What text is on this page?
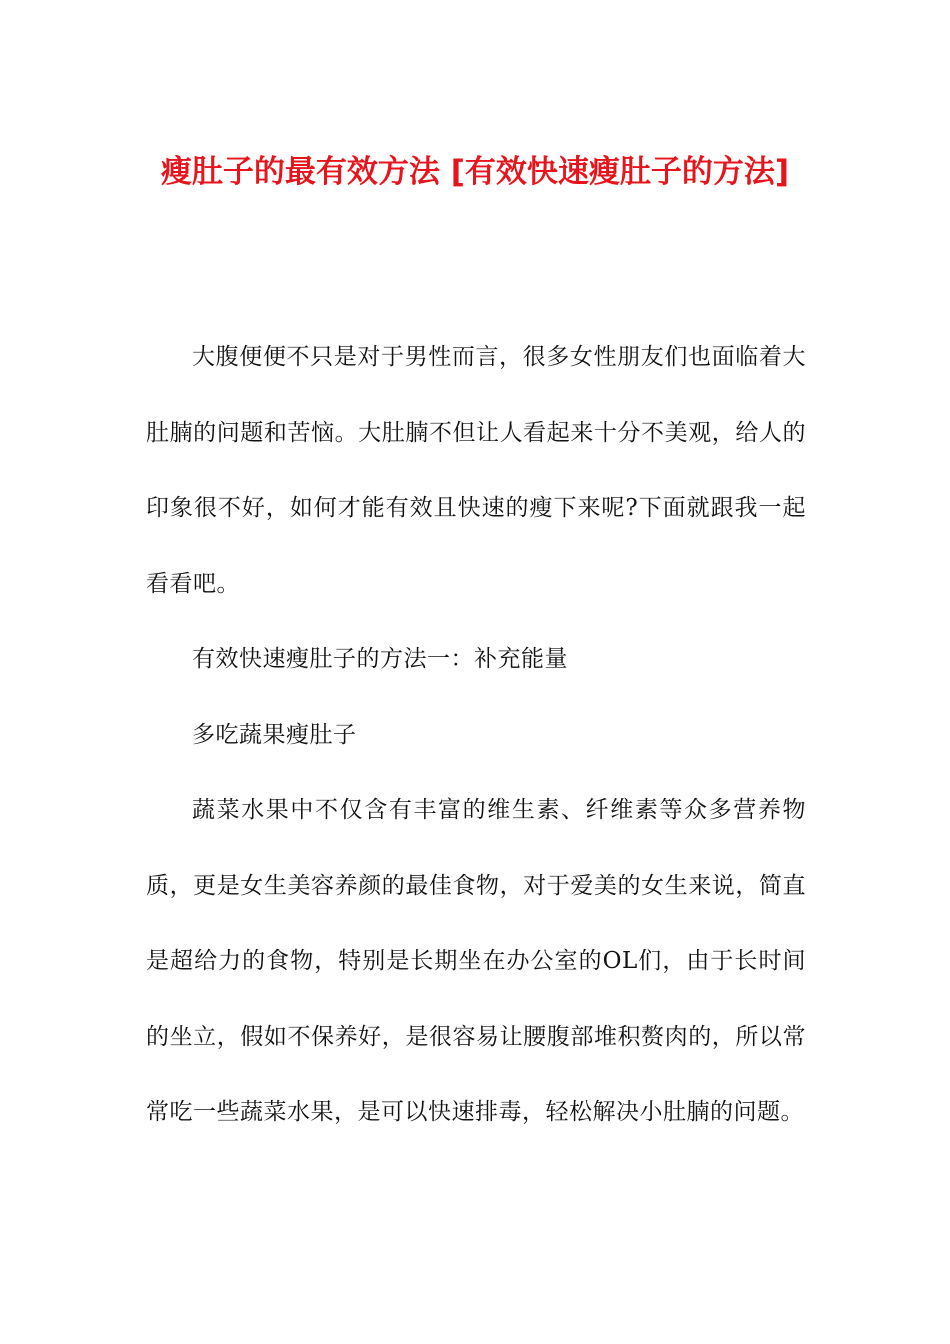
瘦肚子的最有效方法 [有效快速瘦肚子的方法]

大腹便便不只是对于男性而言，很多女性朋友们也面临着大肚腩的问题和苦恼。大肚腩不但让人看起来十分不美观，给人的印象很不好，如何才能有效且快速的瘦下来呢?下面就跟我一起看看吧。

有效快速瘦肚子的方法一：补充能量

多吃蔬果瘦肚子

蔬菜水果中不仅含有丰富的维生素、纤维素等众多营养物质，更是女生美容养颜的最佳食物，对于爱美的女生来说，简直是超给力的食物，特别是长期坐在办公室的OL们，由于长时间的坐立，假如不保养好，是很容易让腰腹部堆积赘肉的，所以常常吃一些蔬菜水果，是可以快速排毒，轻松解决小肚腩的问题。
